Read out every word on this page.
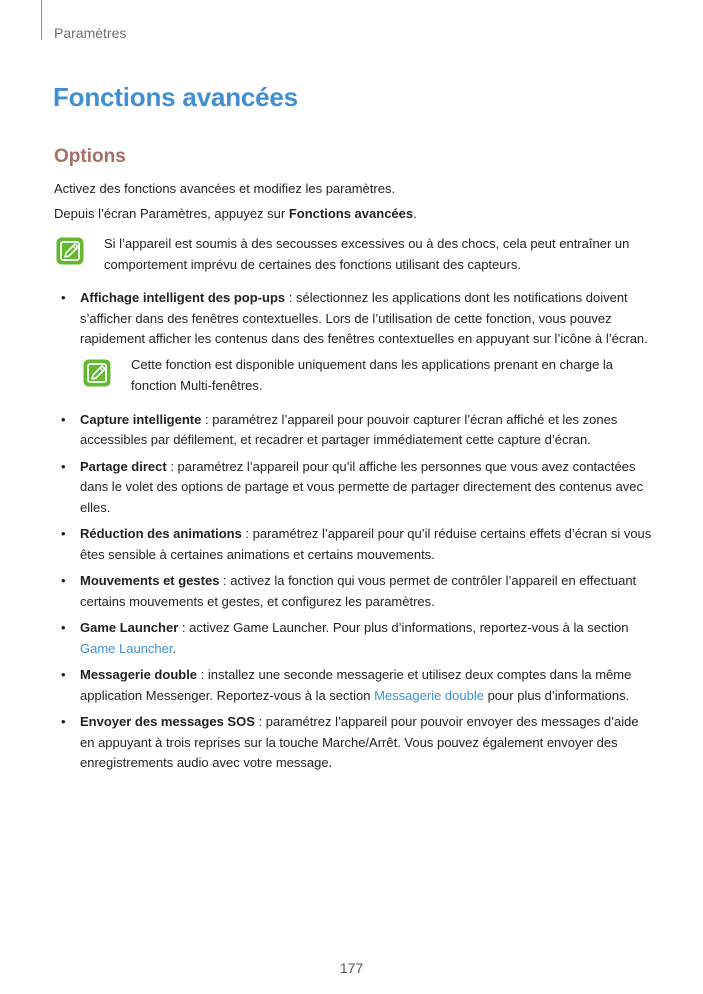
Paramètres
Fonctions avancées
Options
Activez des fonctions avancées et modifiez les paramètres.
Depuis l’écran Paramètres, appuyez sur Fonctions avancées.
Si l’appareil est soumis à des secousses excessives ou à des chocs, cela peut entraîner un comportement imprévu de certaines des fonctions utilisant des capteurs.
• Affichage intelligent des pop-ups : sélectionnez les applications dont les notifications doivent s’afficher dans des fenêtres contextuelles. Lors de l’utilisation de cette fonction, vous pouvez rapidement afficher les contenus dans des fenêtres contextuelles en appuyant sur l’icône à l’écran.
Cette fonction est disponible uniquement dans les applications prenant en charge la fonction Multi-fenêtres.
• Capture intelligente : paramétrez l’appareil pour pouvoir capturer l’écran affiché et les zones accessibles par défilement, et recadrer et partager immédiatement cette capture d’écran.
• Partage direct : paramétrez l’appareil pour qu’il affiche les personnes que vous avez contactées dans le volet des options de partage et vous permette de partager directement des contenus avec elles.
• Réduction des animations : paramétrez l’appareil pour qu’il réduise certains effets d’écran si vous êtes sensible à certaines animations et certains mouvements.
• Mouvements et gestes : activez la fonction qui vous permet de contrôler l’appareil en effectuant certains mouvements et gestes, et configurez les paramètres.
• Game Launcher : activez Game Launcher. Pour plus d’informations, reportez-vous à la section Game Launcher.
• Messagerie double : installez une seconde messagerie et utilisez deux comptes dans la même application Messenger. Reportez-vous à la section Messagerie double pour plus d’informations.
• Envoyer des messages SOS : paramétrez l’appareil pour pouvoir envoyer des messages d’aide en appuyant à trois reprises sur la touche Marche/Arrêt. Vous pouvez également envoyer des enregistrements audio avec votre message.
177
